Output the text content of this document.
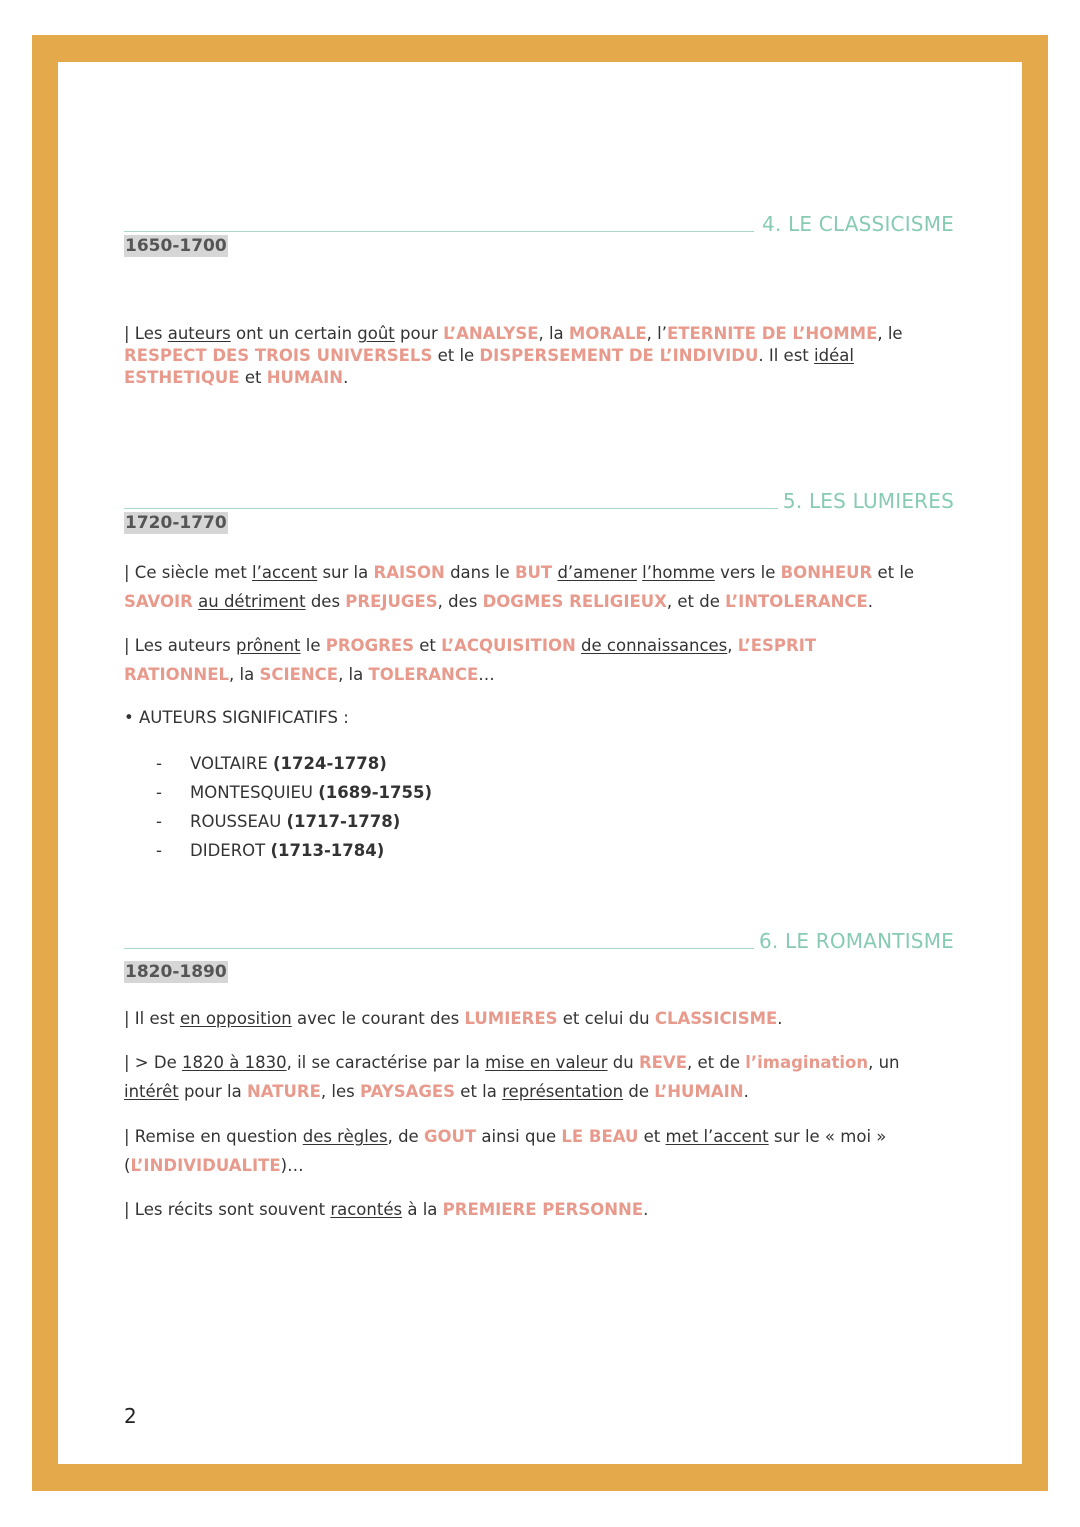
4. LE CLASSICISME
1650-1700
| Les auteurs ont un certain goût pour L’ANALYSE, la MORALE, l’ETERNITE DE L’HOMME, le RESPECT DES TROIS UNIVERSELS et le DISPERSEMENT DE L’INDIVIDU. Il est idéal ESTHETIQUE et HUMAIN.
5. LES LUMIERES
1720-1770
| Ce siècle met l’accent sur la RAISON dans le BUT d’amener l’homme vers le BONHEUR et le SAVOIR au détriment des PREJUGES, des DOGMES RELIGIEUX, et de L’INTOLERANCE.
| Les auteurs prônent le PROGRES et L’ACQUISITION de connaissances, L’ESPRIT RATIONNEL, la SCIENCE, la TOLERANCE…
• AUTEURS SIGNIFICATIFS :
- VOLTAIRE (1724-1778)
- MONTESQUIEU (1689-1755)
- ROUSSEAU (1717-1778)
- DIDEROT (1713-1784)
6. LE ROMANTISME
1820-1890
| Il est en opposition avec le courant des LUMIERES et celui du CLASSICISME.
| > De 1820 à 1830, il se caractérise par la mise en valeur du REVE, et de l’imagination, un intérêt pour la NATURE, les PAYSAGES et la représentation de L’HUMAIN.
| Remise en question des règles, de GOUT ainsi que LE BEAU et met l’accent sur le « moi » (L’INDIVIDUALITE)…
| Les récits sont souvent racontés à la PREMIERE PERSONNE.
2
